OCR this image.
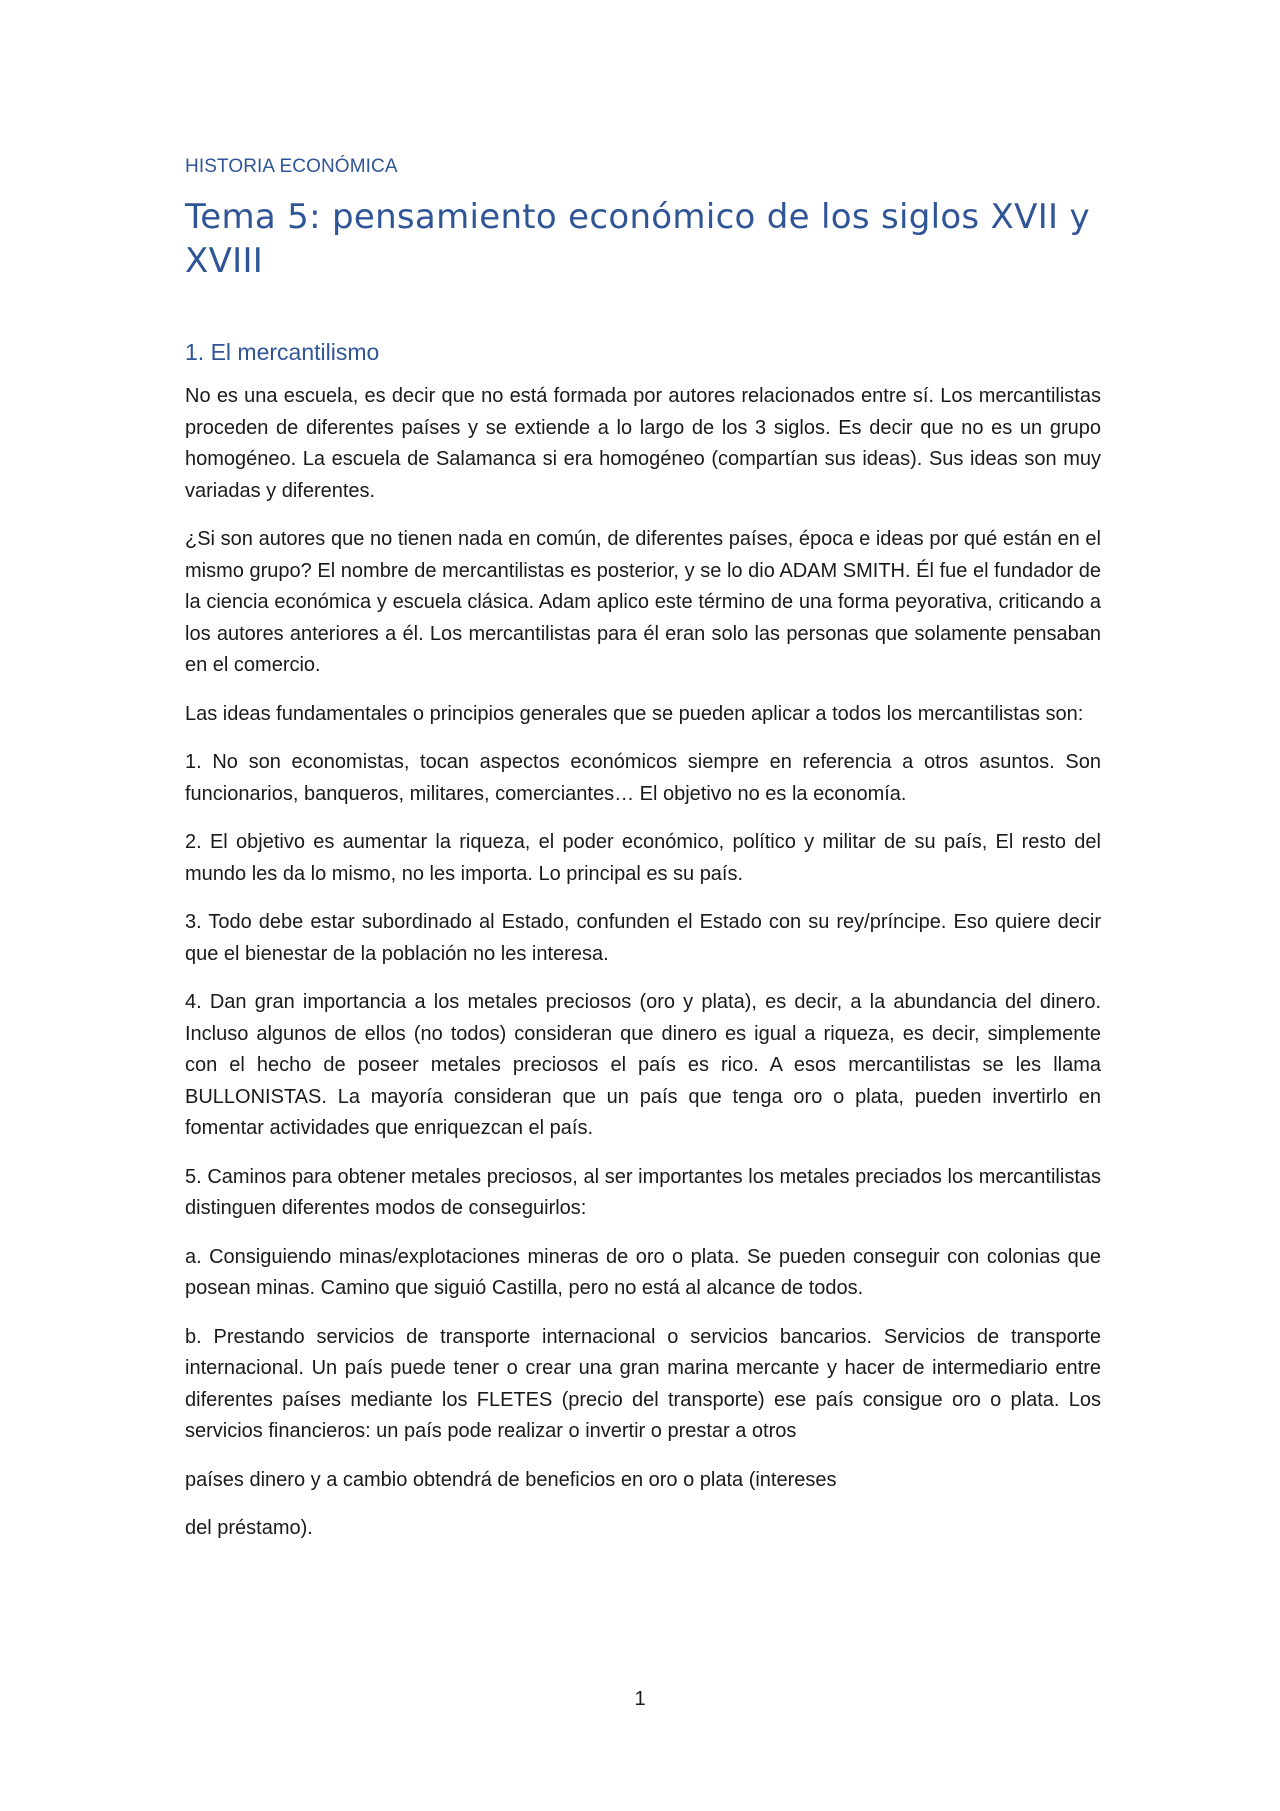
HISTORIA ECONÓMICA
Tema 5: pensamiento económico de los siglos XVII y XVIII
1. El mercantilismo

No es una escuela, es decir que no está formada por autores relacionados entre sí. Los mercantilistas proceden de diferentes países y se extiende a lo largo de los 3 siglos. Es decir que no es un grupo homogéneo. La escuela de Salamanca si era homogéneo (compartían sus ideas). Sus ideas son muy variadas y diferentes.

¿Si son autores que no tienen nada en común, de diferentes países, época e ideas por qué están en el mismo grupo? El nombre de mercantilistas es posterior, y se lo dio ADAM SMITH. Él fue el fundador de la ciencia económica y escuela clásica. Adam aplico este término de una forma peyorativa, criticando a los autores anteriores a él. Los mercantilistas para él eran solo las personas que solamente pensaban en el comercio.

Las ideas fundamentales o principios generales que se pueden aplicar a todos los mercantilistas son:

1. No son economistas, tocan aspectos económicos siempre en referencia a otros asuntos. Son funcionarios, banqueros, militares, comerciantes… El objetivo no es la economía.

2. El objetivo es aumentar la riqueza, el poder económico, político y militar de su país, El resto del mundo les da lo mismo, no les importa. Lo principal es su país.

3. Todo debe estar subordinado al Estado, confunden el Estado con su rey/príncipe. Eso quiere decir que el bienestar de la población no les interesa.

4. Dan gran importancia a los metales preciosos (oro y plata), es decir, a la abundancia del dinero. Incluso algunos de ellos (no todos) consideran que dinero es igual a riqueza, es decir, simplemente con el hecho de poseer metales preciosos el país es rico. A esos mercantilistas se les llama BULLONISTAS. La mayoría consideran que un país que tenga oro o plata, pueden invertirlo en fomentar actividades que enriquezcan el país.

5. Caminos para obtener metales preciosos, al ser importantes los metales preciados los mercantilistas distinguen diferentes modos de conseguirlos:

a. Consiguiendo minas/explotaciones mineras de oro o plata. Se pueden conseguir con colonias que posean minas. Camino que siguió Castilla, pero no está al alcance de todos.

b. Prestando servicios de transporte internacional o servicios bancarios. Servicios de transporte internacional. Un país puede tener o crear una gran marina mercante y hacer de intermediario entre diferentes países mediante los FLETES (precio del transporte) ese país consigue oro o plata. Los servicios financieros: un país pode realizar o invertir o prestar a otros

países dinero y a cambio obtendrá de beneficios en oro o plata (intereses

del préstamo).

1
